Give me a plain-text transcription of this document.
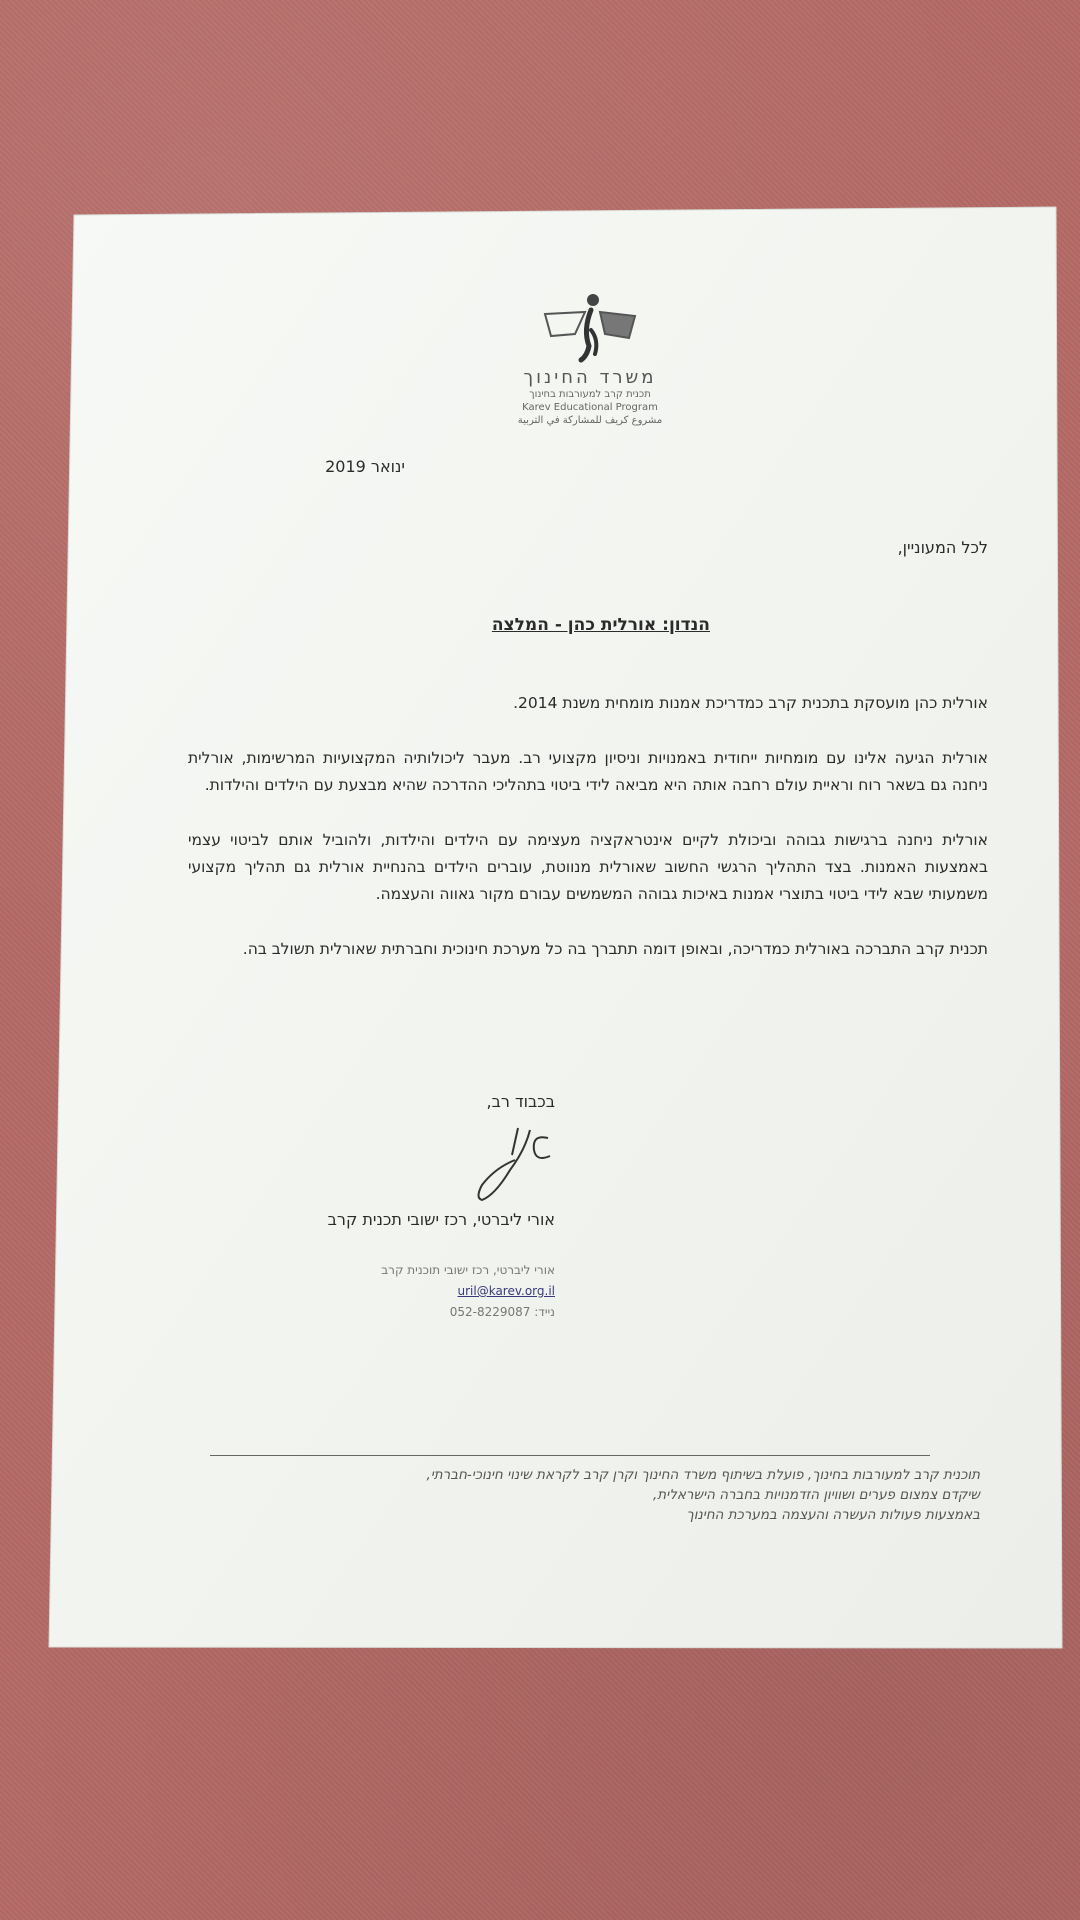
משרד החינוך
תכנית קרב למעורבות בחינוך
Karev Educational Program
مشروع كريف للمشاركة في التربية
ינואר 2019
לכל המעוניין,
הנדון: אורלית כהן - המלצה

אורלית כהן מועסקת בתכנית קרב כמדריכת אמנות מומחית משנת 2014.

אורלית הגיעה אלינו עם מומחיות ייחודית באמנויות וניסיון מקצועי רב. מעבר ליכולותיה המקצועיות המרשימות, אורלית ניחנה גם בשאר רוח וראיית עולם רחבה אותה היא מביאה לידי ביטוי בתהליכי ההדרכה שהיא מבצעת עם הילדים והילדות.

אורלית ניחנה ברגישות גבוהה וביכולת לקיים אינטראקציה מעצימה עם הילדים והילדות, ולהוביל אותם לביטוי עצמי באמצעות האמנות. בצד התהליך הרגשי החשוב שאורלית מנווטת, עוברים הילדים בהנחיית אורלית גם תהליך מקצועי משמעותי שבא לידי ביטוי בתוצרי אמנות באיכות גבוהה המשמשים עבורם מקור גאווה והעצמה.

תכנית קרב התברכה באורלית כמדריכה, ובאופן דומה תתברך בה כל מערכת חינוכית וחברתית שאורלית תשולב בה.

בכבוד רב,
אורי ליברטי, רכז ישובי תכנית קרב
אורי ליברטי, רכז ישובי תוכנית קרב
uril@karev.org.il
נייד: 052-8229087
תוכנית קרב למעורבות בחינוך, פועלת בשיתוף משרד החינוך וקרן קרב לקראת שינוי חינוכי-חברתי,
שיקדם צמצום פערים ושוויון הזדמנויות בחברה הישראלית,
באמצעות פעולות העשרה והעצמה במערכת החינוך
